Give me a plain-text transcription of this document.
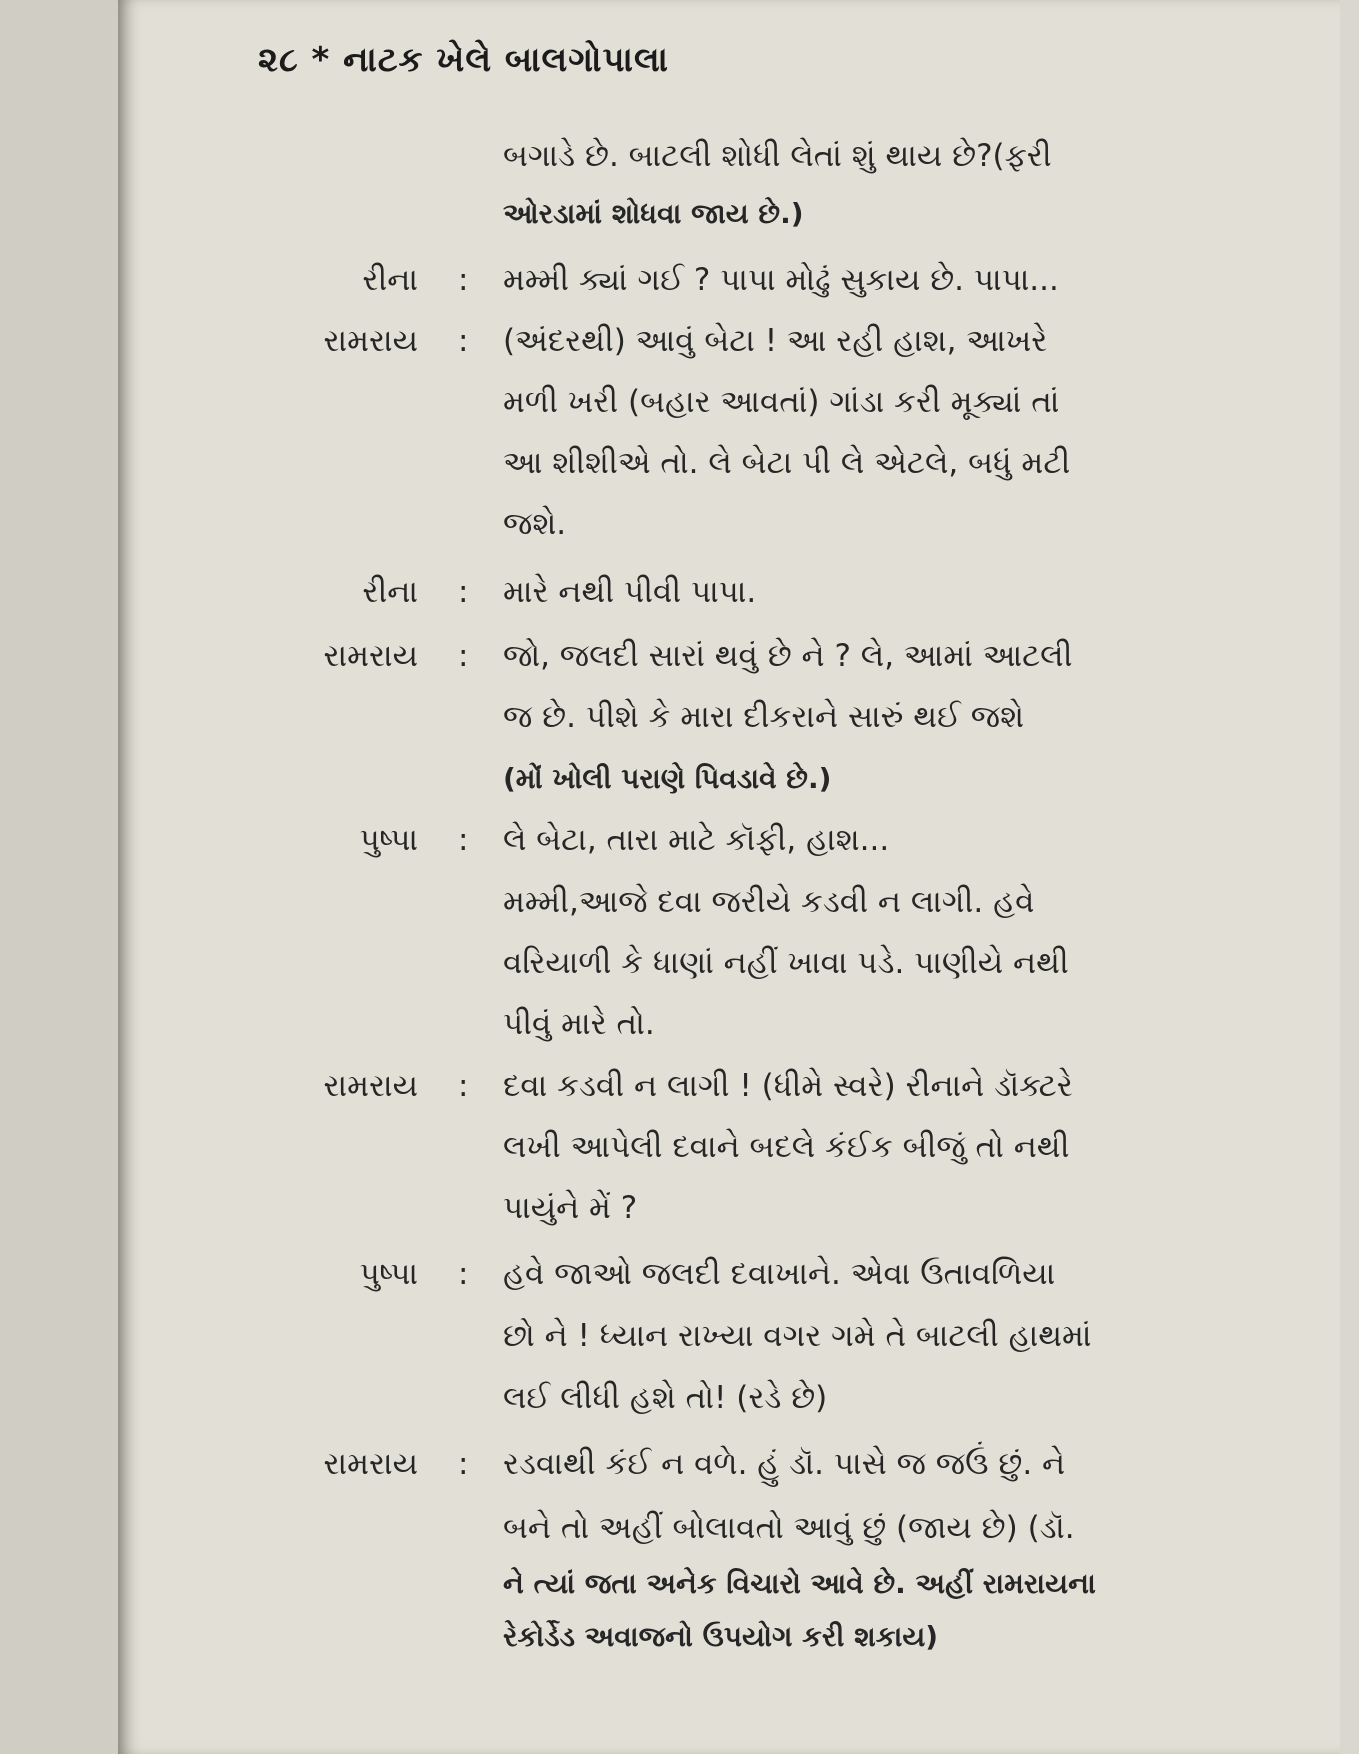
૨૮ * નાટક ખેલે બાલગોપાલા
બગાડે છે. બાટલી શોધી લેતાં શું થાય છે?(ફરી
ઓરડામાં શોધવા જાય છે.)
રીના : મમ્મી ક્યાં ગઈ ? પાપા મોઢું સુકાય છે. પાપા...
રામરાય : (અંદરથી) આવું બેટા ! આ રહી હાશ, આખરે
મળી ખરી (બહાર આવતાં) ગાંડા કરી મૂક્યાં તાં
આ શીશીએ તો. લે બેટા પી લે એટલે, બધું મટી
જશે.
રીના : મારે નથી પીવી પાપા.
રામરાય : જો, જલદી સારાં થવું છે ને ? લે, આમાં આટલી
જ છે. પીશે કે મારા દીકરાને સારું થઈ જશે
(મોં ખોલી પરાણે પિવડાવે છે.)
પુષ્પા : લે બેટા, તારા માટે કૉફી, હાશ...
મમ્મી,આજે દવા જરીયે કડવી ન લાગી. હવે
વરિયાળી કે ધાણાં નહીં ખાવા પડે. પાણીયે નથી
પીવું મારે તો.
રામરાય : દવા કડવી ન લાગી ! (ધીમે સ્વરે) રીનાને ડૉક્ટરે
લખી આપેલી દવાને બદલે કંઈક બીજું તો નથી
પાયુંને મેં ?
પુષ્પા : હવે જાઓ જલદી દવાખાને. એવા ઉતાવળિયા
છો ને ! ધ્યાન રાખ્યા વગર ગમે તે બાટલી હાથમાં
લઈ લીધી હશે તો! (રડે છે)
રામરાય : રડવાથી કંઈ ન વળે. હું ડૉ. પાસે જ જઉં છું. ને
બને તો અહીં બોલાવતો આવું છું (જાય છે) (ડૉ.
ને ત્યાં જતા અનેક વિચારો આવે છે. અહીં રામરાયના
રેકોર્ડેડ અવાજનો ઉપયોગ કરી શકાય)
